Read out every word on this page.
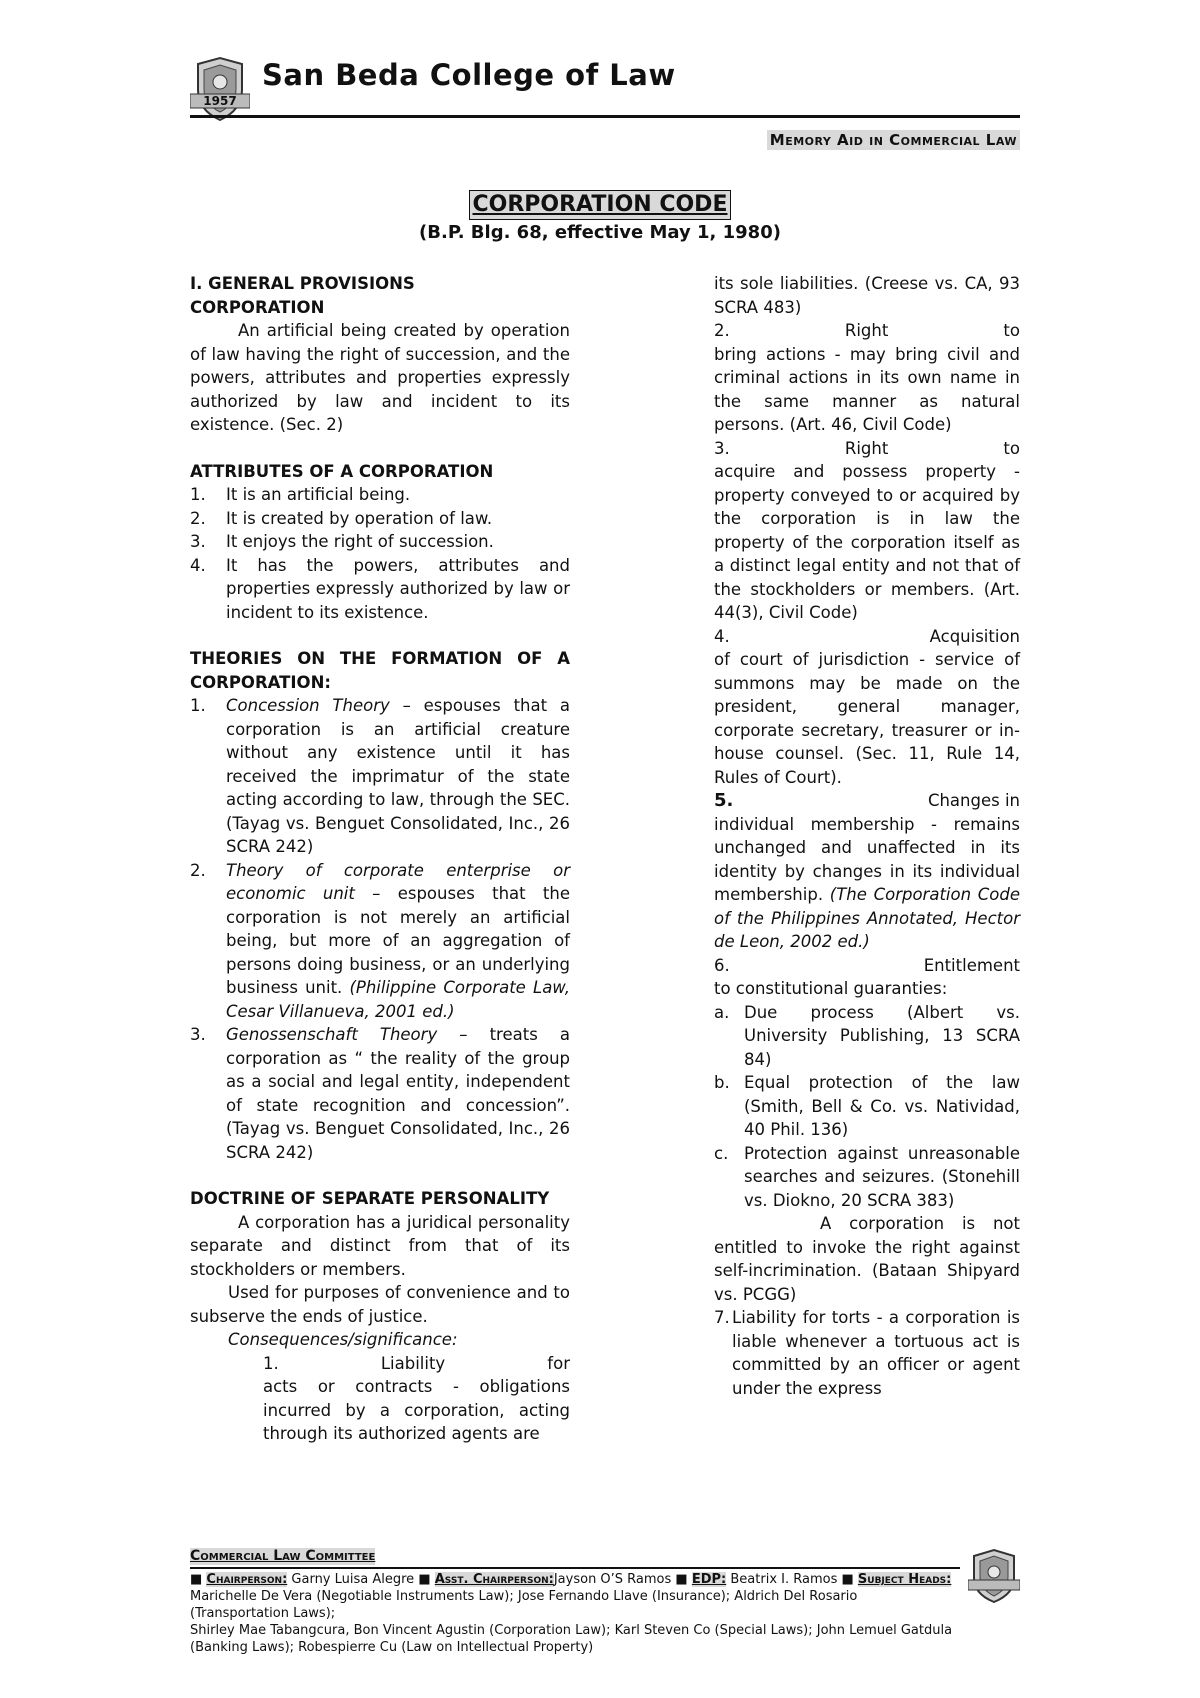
1957
San Beda College of Law
Memory Aid in Commercial Law
CORPORATION CODE
(B.P. Blg. 68, effective May 1, 1980)

I. GENERAL PROVISIONS

CORPORATION

An artificial being created by operation of law having the right of succession, and the powers, attributes and properties expressly authorized by law and incident to its existence. (Sec. 2)

ATTRIBUTES OF A CORPORATION

1.	It is an artificial being.
2.	It is created by operation of law.
3.	It enjoys the right of succession.
4.	It has the powers, attributes and properties expressly authorized by law or incident to its existence.

THEORIES ON THE FORMATION OF A CORPORATION:

1.	Concession Theory – espouses that a corporation is an artificial creature without any existence until it has received the imprimatur of the state acting according to law, through the SEC. (Tayag vs. Benguet Consolidated, Inc., 26 SCRA 242)
2.	Theory of corporate enterprise or economic unit – espouses that the corporation is not merely an artificial being, but more of an aggregation of persons doing business, or an underlying business unit. (Philippine Corporate Law, Cesar Villanueva, 2001 ed.)
3.	Genossenschaft Theory – treats a corporation as “ the reality of the group as a social and legal entity, independent of state recognition and concession”. (Tayag vs. Benguet Consolidated, Inc., 26 SCRA 242)

DOCTRINE OF SEPARATE PERSONALITY

A corporation has a juridical personality separate and distinct from that of its stockholders or members.

Used for purposes of convenience and to subserve the ends of justice.

Consequences/significance:

1. Liability for

acts or contracts - obligations incurred by a corporation, acting through its authorized agents are

its sole liabilities. (Creese vs. CA, 93 SCRA 483)

2. Right to

bring actions - may bring civil and criminal actions in its own name in the same manner as natural persons. (Art. 46, Civil Code)

3. Right to

acquire and possess property - property conveyed to or acquired by the corporation is in law the property of the corporation itself as a distinct legal entity and not that of the stockholders or members. (Art. 44(3), Civil Code)

4. Acquisition

of court of jurisdiction - service of summons may be made on the president, general manager, corporate secretary, treasurer or in-house counsel. (Sec. 11, Rule 14, Rules of Court).

5.	Changes in

individual membership - remains unchanged and unaffected in its identity by changes in its individual membership. (The Corporation Code of the Philippines Annotated, Hector de Leon, 2002 ed.)

6. Entitlement

to constitutional guaranties:

a. Due process (Albert vs. University Publishing, 13 SCRA 84)
b. Equal protection of the law (Smith, Bell & Co. vs. Natividad, 40 Phil. 136)
c. Protection against unreasonable searches and seizures. (Stonehill vs. Diokno, 20 SCRA 383)

A corporation is not entitled to invoke the right against self-incrimination. (Bataan Shipyard vs. PCGG)

7. Liability for torts - a corporation is liable whenever a tortuous act is committed by an officer or agent under the express
Commercial Law Committee
■ Chairperson: Garny Luisa Alegre ■ Asst. Chairperson:Jayson O’S Ramos ■ EDP: Beatrix I. Ramos ■ Subject Heads:
Marichelle De Vera (Negotiable Instruments Law); Jose Fernando Llave (Insurance); Aldrich Del Rosario (Transportation Laws);
Shirley Mae Tabangcura, Bon Vincent Agustin (Corporation Law); Karl Steven Co (Special Laws); John Lemuel Gatdula (Banking Laws); Robespierre Cu (Law on Intellectual Property)
